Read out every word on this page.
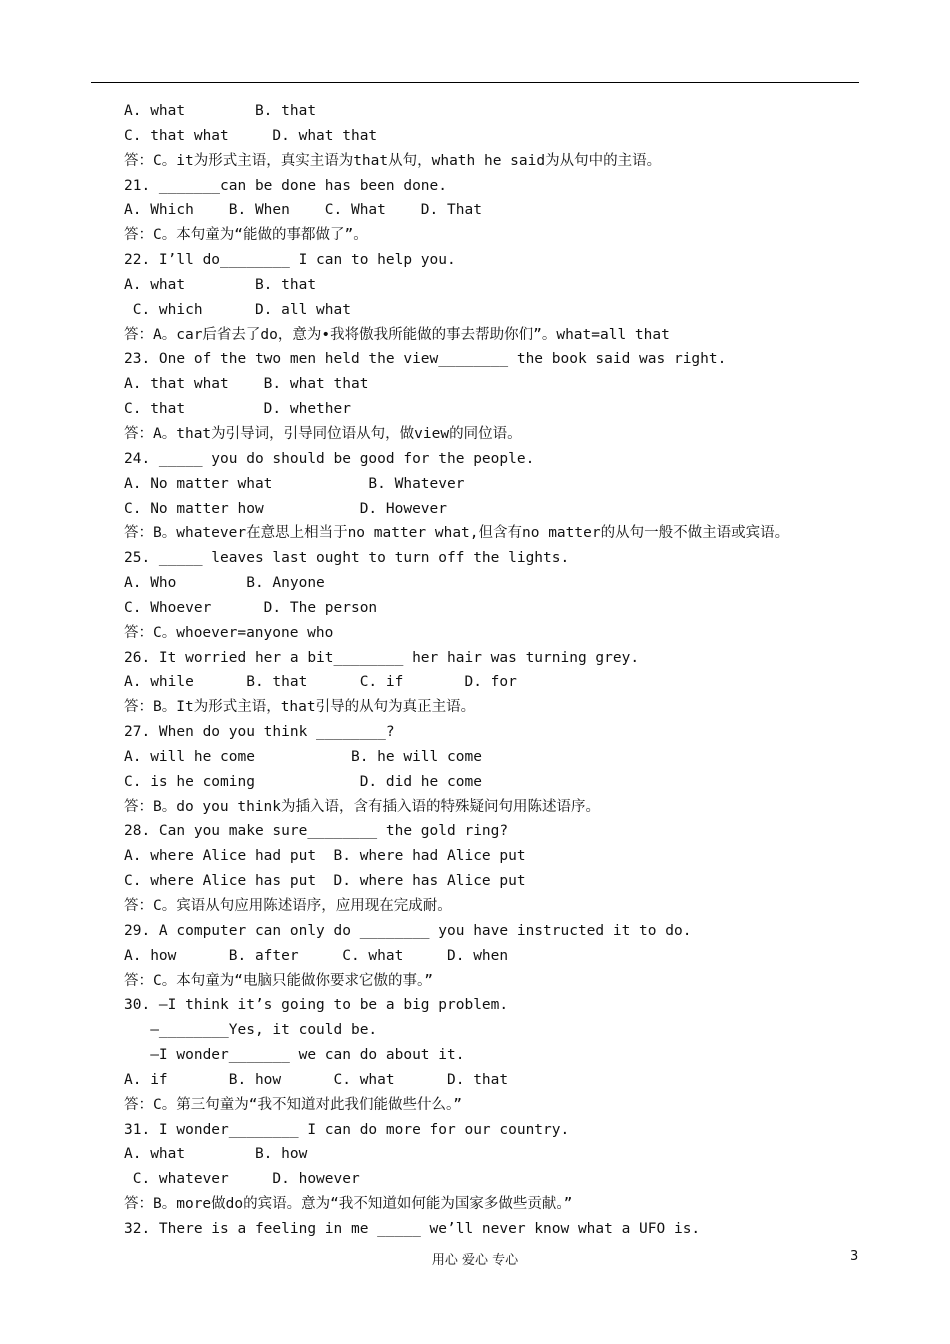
A. what        B. that
C. that what     D. what that
答：C。it为形式主语，真实主语为that从句，whath he said为从句中的主语。
21. _______can be done has been done.
A. Which    B. When    C. What    D. That
答：C。本句童为“能做的事都做了”。
22. I’ll do________ I can to help you.
A. what        B. that
C. which      D. all what
答：A。car后省去了do，意为•我将傲我所能做的事去帮助你们”。what=all that
23. One of the two men held the view________ the book said was right.
A. that what    B. what that
C. that         D. whether
答：A。that为引导词，引导同位语从句，做view的同位语。
24. _____ you do should be good for the people.
A. No matter what           B. Whatever
C. No matter how           D. However
答：B。whatever在意思上相当于no matter what,但含有no matter的从句一般不做主语或宾语。
25. _____ leaves last ought to turn off the lights.
A. Who        B. Anyone
C. Whoever      D. The person
答：C。whoever=anyone who
26. It worried her a bit________ her hair was turning grey.
A. while      B. that      C. if       D. for
答：B。It为形式主语，that引导的从句为真正主语。
27. When do you think ________?
A. will he come           B. he will come
C. is he coming            D. did he come
答：B。do you think为插入语，含有插入语的特殊疑问句用陈述语序。
28. Can you make sure________ the gold ring?
A. where Alice had put  B. where had Alice put
C. where Alice has put  D. where has Alice put
答：C。宾语从句应用陈述语序，应用现在完成耐。
29. A computer can only do ________ you have instructed it to do.
A. how      B. after     C. what     D. when
答：C。本句童为“电脑只能做你要求它傲的事。”
30. —I think it’s going to be a big problem.
—________Yes, it could be.
—I wonder_______ we can do about it.
A. if       B. how      C. what      D. that
答：C。第三句童为“我不知道对此我们能做些什么。”
31. I wonder________ I can do more for our country.
A. what        B. how
C. whatever     D. however
答：B。more做do的宾语。意为“我不知道如何能为国家多做些贡献。”
32. There is a feeling in me _____ we’ll never know what a UFO is.
用心 爱心 专心	3
